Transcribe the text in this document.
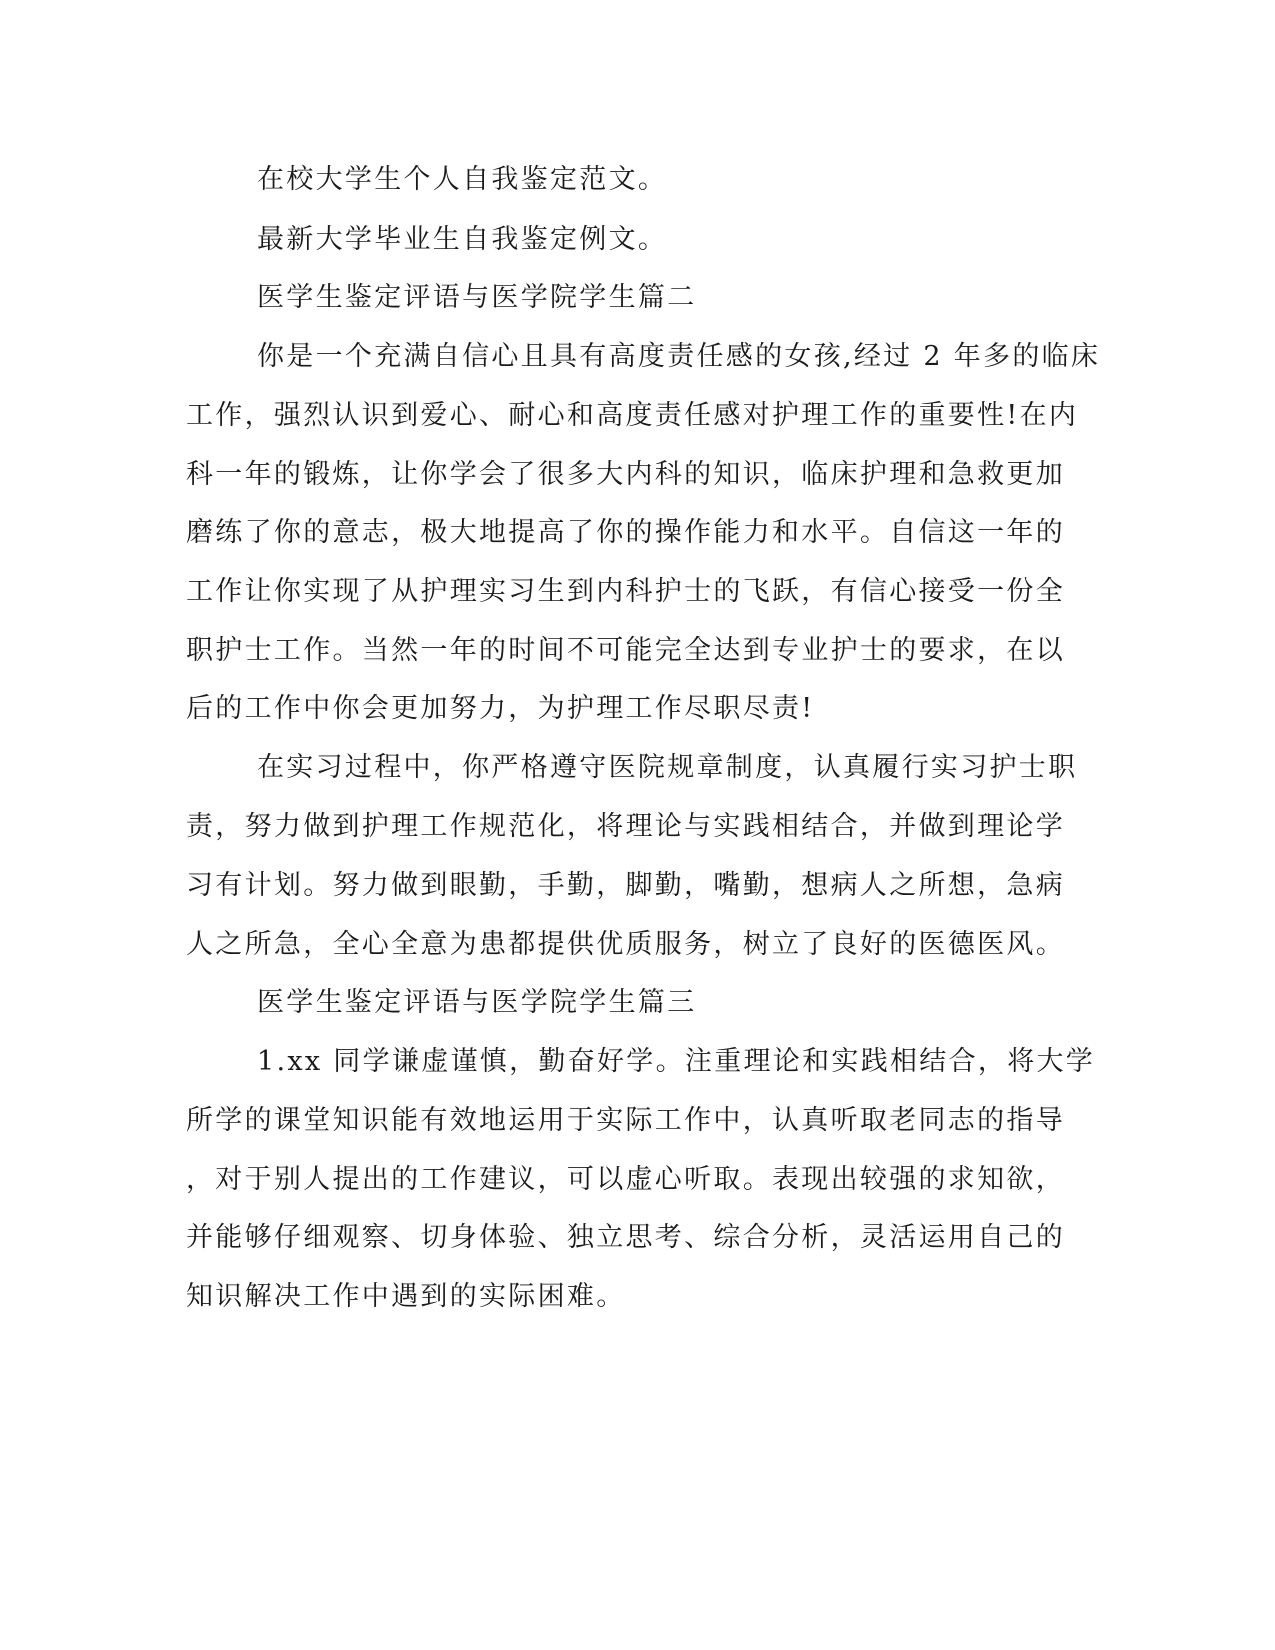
在校大学生个人自我鉴定范文。

最新大学毕业生自我鉴定例文。

医学生鉴定评语与医学院学生篇二

你是一个充满自信心且具有高度责任感的女孩,经过 2 年多的临床

工作，强烈认识到爱心、耐心和高度责任感对护理工作的重要性!在内

科一年的锻炼，让你学会了很多大内科的知识，临床护理和急救更加

磨练了你的意志，极大地提高了你的操作能力和水平。自信这一年的

工作让你实现了从护理实习生到内科护士的飞跃，有信心接受一份全

职护士工作。当然一年的时间不可能完全达到专业护士的要求，在以

后的工作中你会更加努力，为护理工作尽职尽责!

在实习过程中，你严格遵守医院规章制度，认真履行实习护士职

责，努力做到护理工作规范化，将理论与实践相结合，并做到理论学

习有计划。努力做到眼勤，手勤，脚勤，嘴勤，想病人之所想，急病

人之所急，全心全意为患都提供优质服务，树立了良好的医德医风。

医学生鉴定评语与医学院学生篇三

1.xx 同学谦虚谨慎，勤奋好学。注重理论和实践相结合，将大学

所学的课堂知识能有效地运用于实际工作中，认真听取老同志的指导

，对于别人提出的工作建议，可以虚心听取。表现出较强的求知欲，

并能够仔细观察、切身体验、独立思考、综合分析，灵活运用自己的

知识解决工作中遇到的实际困难。
